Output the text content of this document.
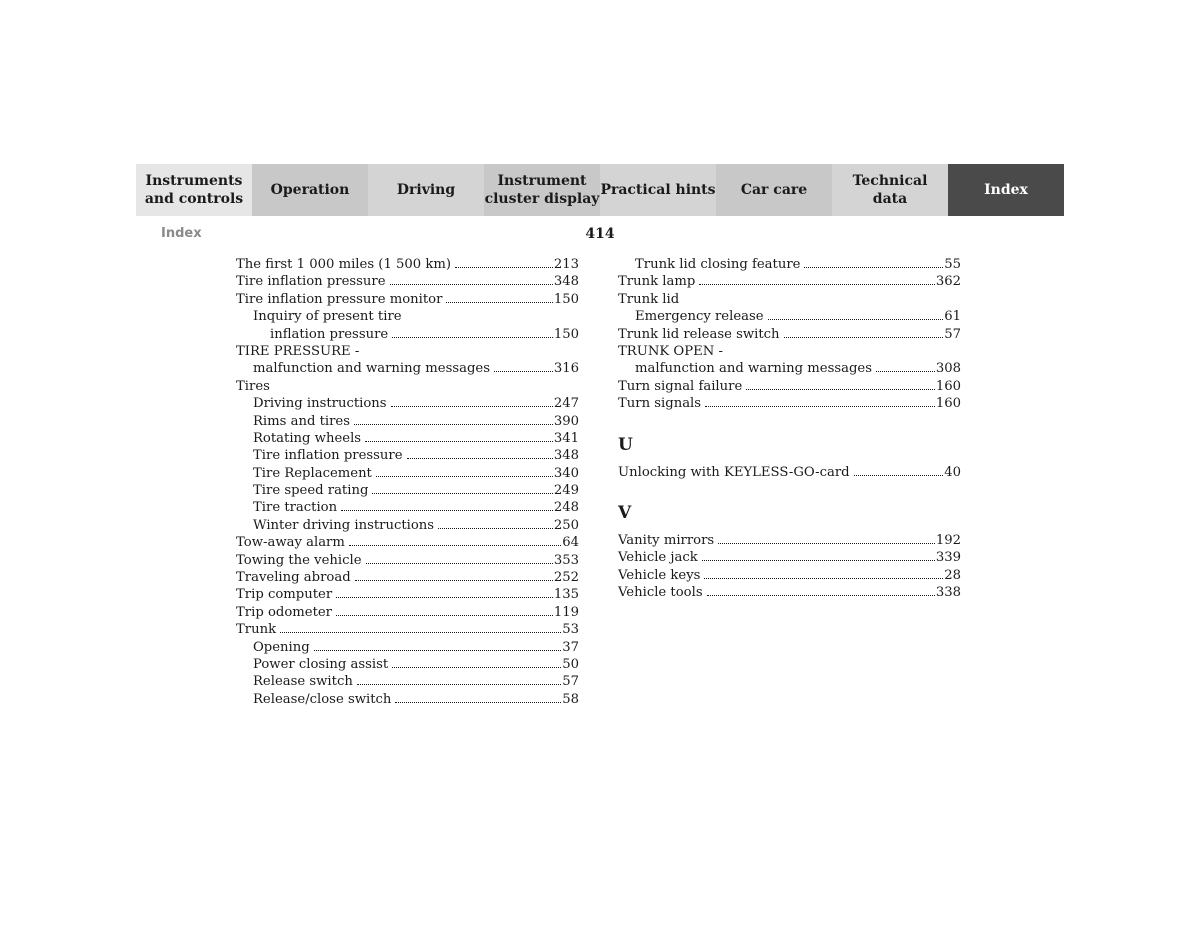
Instruments
and controls
Operation	Driving
Instrument
cluster display
Practical hints	Car care
Technical
data
Index
Index	414
The first 1 000 miles (1 500 km)	213
Tire inflation pressure	348
Tire inflation pressure monitor	150
Inquiry of present tire
inflation pressure	150
TIRE PRESSURE -
malfunction and warning messages	316
Tires
Driving instructions	247
Rims and tires	390
Rotating wheels	341
Tire inflation pressure	348
Tire Replacement	340
Tire speed rating	249
Tire traction	248
Winter driving instructions	250
Tow-away alarm	64
Towing the vehicle	353
Traveling abroad	252
Trip computer	135
Trip odometer	119
Trunk	53
Opening	37
Power closing assist	50
Release switch	57
Release/close switch	58
Trunk lid closing feature	55
Trunk lamp	362
Trunk lid
Emergency release	61
Trunk lid release switch	57
TRUNK OPEN -
malfunction and warning messages	308
Turn signal failure	160
Turn signals	160
U
Unlocking with KEYLESS-GO-card	40
V
Vanity mirrors	192
Vehicle jack	339
Vehicle keys	28
Vehicle tools	338
